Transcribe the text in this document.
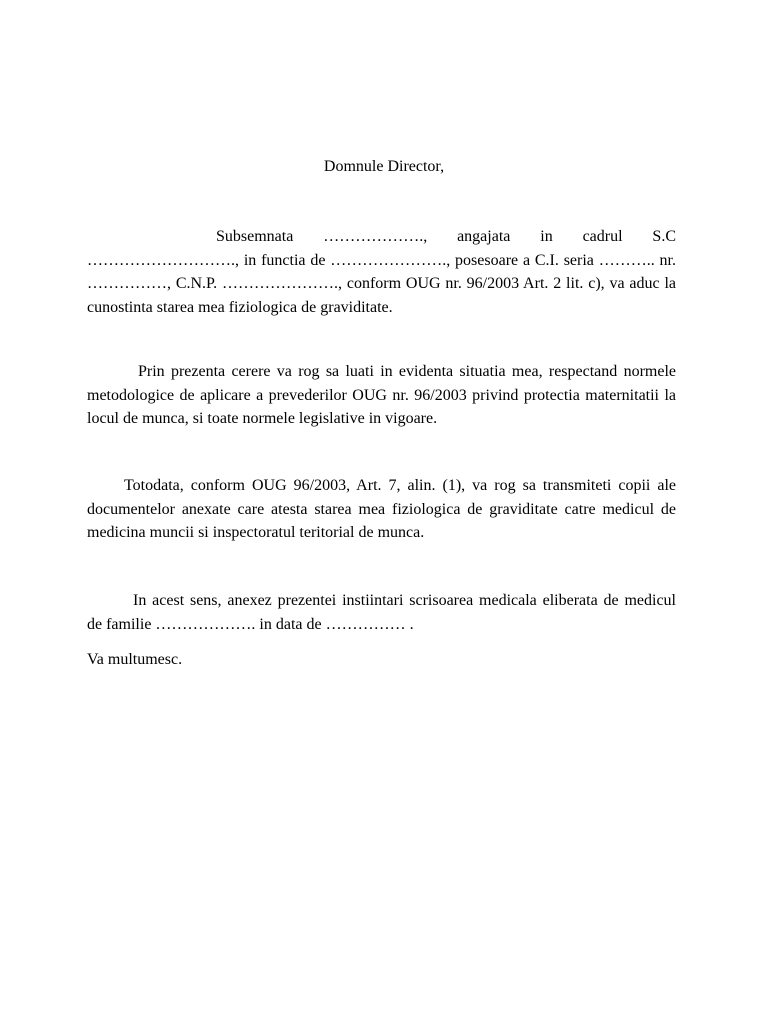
Domnule Director,

Subsemnata ………………., angajata in cadrul S.C ………………………., in functia de …………………., posesoare a C.I. seria ……….. nr. ……………, C.N.P. …………………., conform OUG nr. 96/2003 Art. 2 lit. c), va aduc la cunostinta starea mea fiziologica de graviditate.

Prin prezenta cerere va rog sa luati in evidenta situatia mea, respectand normele metodologice de aplicare a prevederilor OUG nr. 96/2003 privind protectia maternitatii la locul de munca, si toate normele legislative in vigoare.

Totodata, conform OUG 96/2003, Art. 7, alin. (1), va rog sa transmiteti copii ale documentelor anexate care atesta starea mea fiziologica de graviditate catre medicul de medicina muncii si inspectoratul teritorial de munca.

In acest sens, anexez prezentei instiintari scrisoarea medicala eliberata de medicul de familie ………………. in data de …………… .

Va multumesc.
